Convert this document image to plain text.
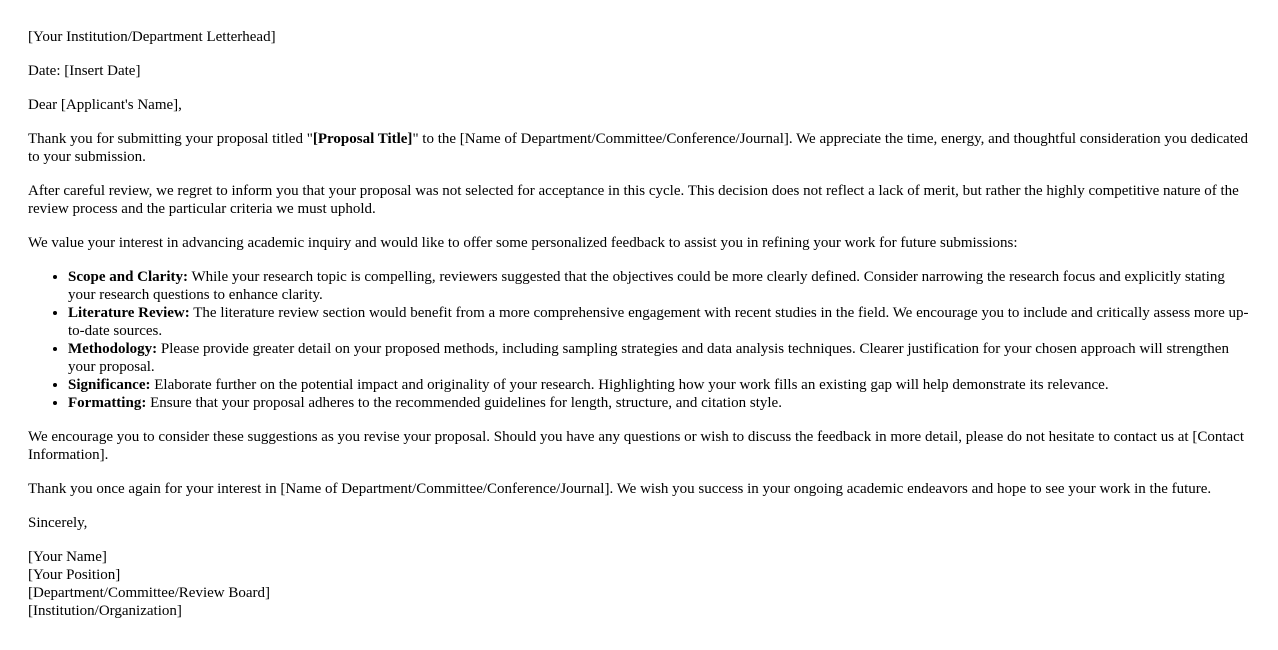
[Your Institution/Department Letterhead]

Date: [Insert Date]

Dear [Applicant's Name],

Thank you for submitting your proposal titled "[Proposal Title]" to the [Name of Department/Committee/Conference/Journal]. We appreciate the time, energy, and thoughtful consideration you dedicated to your submission.

After careful review, we regret to inform you that your proposal was not selected for acceptance in this cycle. This decision does not reflect a lack of merit, but rather the highly competitive nature of the review process and the particular criteria we must uphold.

We value your interest in advancing academic inquiry and would like to offer some personalized feedback to assist you in refining your work for future submissions:

• Scope and Clarity: While your research topic is compelling, reviewers suggested that the objectives could be more clearly defined. Consider narrowing the research focus and explicitly stating your research questions to enhance clarity.
• Literature Review: The literature review section would benefit from a more comprehensive engagement with recent studies in the field. We encourage you to include and critically assess more up-to-date sources.
• Methodology: Please provide greater detail on your proposed methods, including sampling strategies and data analysis techniques. Clearer justification for your chosen approach will strengthen your proposal.
• Significance: Elaborate further on the potential impact and originality of your research. Highlighting how your work fills an existing gap will help demonstrate its relevance.
• Formatting: Ensure that your proposal adheres to the recommended guidelines for length, structure, and citation style.

We encourage you to consider these suggestions as you revise your proposal. Should you have any questions or wish to discuss the feedback in more detail, please do not hesitate to contact us at [Contact Information].

Thank you once again for your interest in [Name of Department/Committee/Conference/Journal]. We wish you success in your ongoing academic endeavors and hope to see your work in the future.

Sincerely,

[Your Name]

[Your Position]

[Department/Committee/Review Board]

[Institution/Organization]
